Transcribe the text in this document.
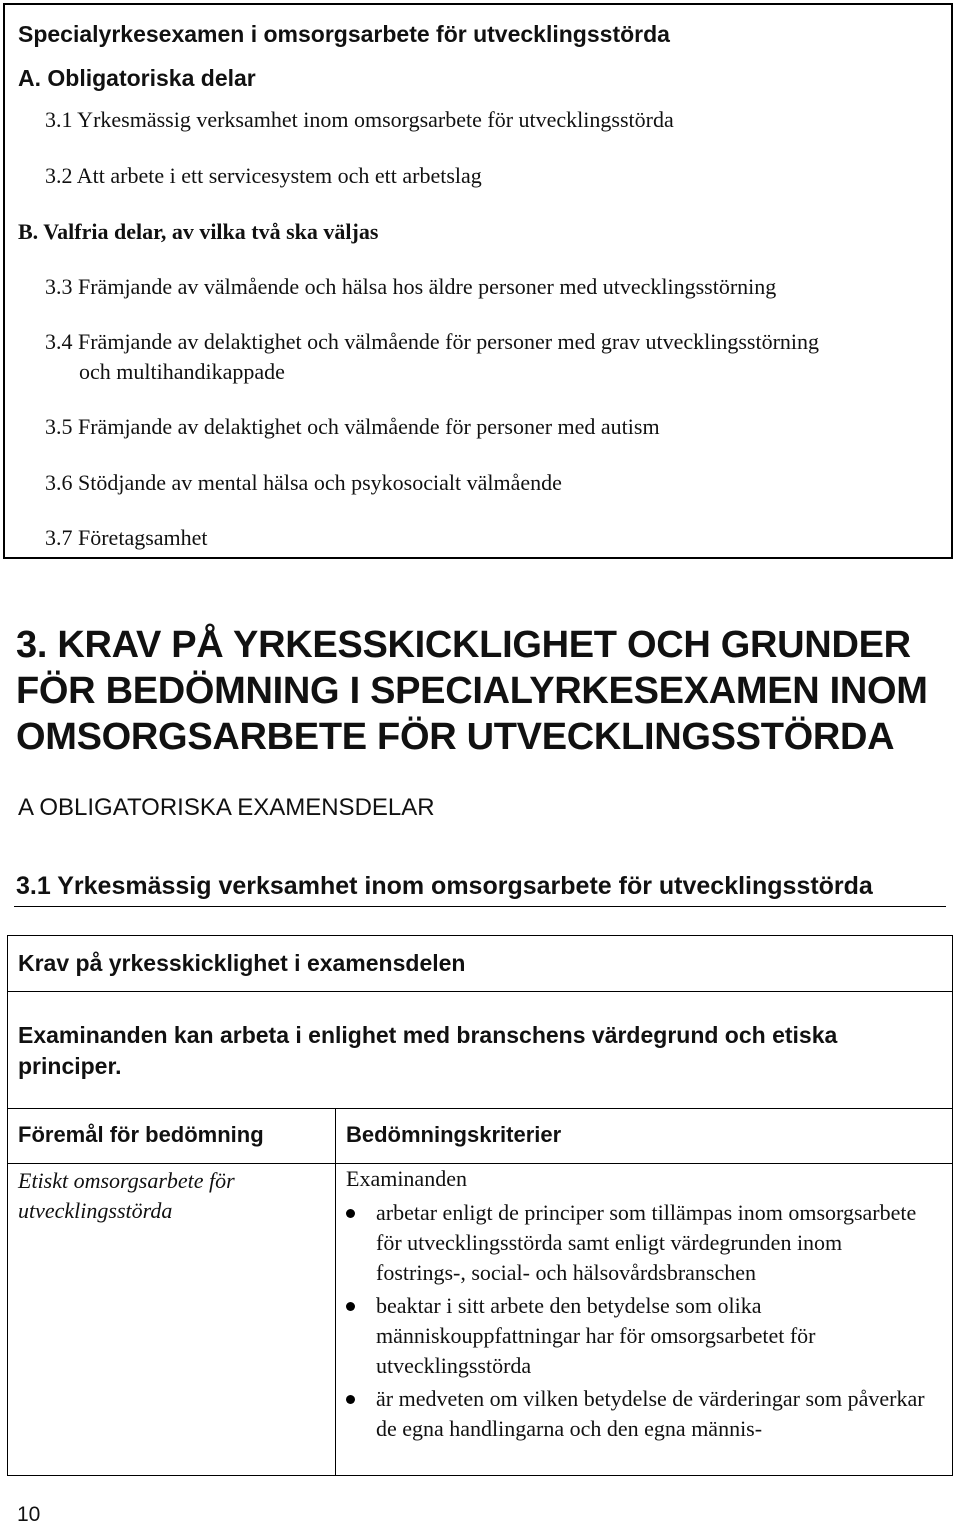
Specialyrkesexamen i omsorgsarbete för utvecklingsstörda
A. Obligatoriska delar
3.1 Yrkesmässig verksamhet inom omsorgsarbete för utvecklingsstörda
3.2 Att arbete i ett servicesystem och ett arbetslag
B. Valfria delar, av vilka två ska väljas
3.3 Främjande av välmående och hälsa hos äldre personer med utvecklingsstörning
3.4 Främjande av delaktighet och välmående för personer med grav utvecklingsstörning
och multihandikappade
3.5 Främjande av delaktighet och välmående för personer med autism
3.6 Stödjande av mental hälsa och psykosocialt välmående
3.7 Företagsamhet
3. KRAV PÅ YRKESSKICKLIGHET OCH GRUNDER FÖR BEDÖMNING I SPECIALYRKESEXAMEN INOM OMSORGSARBETE FÖR UTVECKLINGSSTÖRDA
A OBLIGATORISKA EXAMENSDELAR
3.1 Yrkesmässig verksamhet inom omsorgsarbete för utvecklingsstörda
Krav på yrkesskicklighet i examensdelen
Examinanden kan arbeta i enlighet med branschens värdegrund och etiska principer.
Föremål för bedömning	Bedömningskriterier
Etiskt omsorgsarbete för utvecklingsstörda
Examinanden
arbetar enligt de principer som tillämpas inom omsorgsarbete för utvecklingsstörda samt enligt värdegrunden inom fostrings-, social- och hälsovårdsbranschen
beaktar i sitt arbete den betydelse som olika människouppfattningar har för omsorgsarbetet för utvecklingsstörda
är medveten om vilken betydelse de värderingar som påverkar de egna handlingarna och den egna männis-
10
